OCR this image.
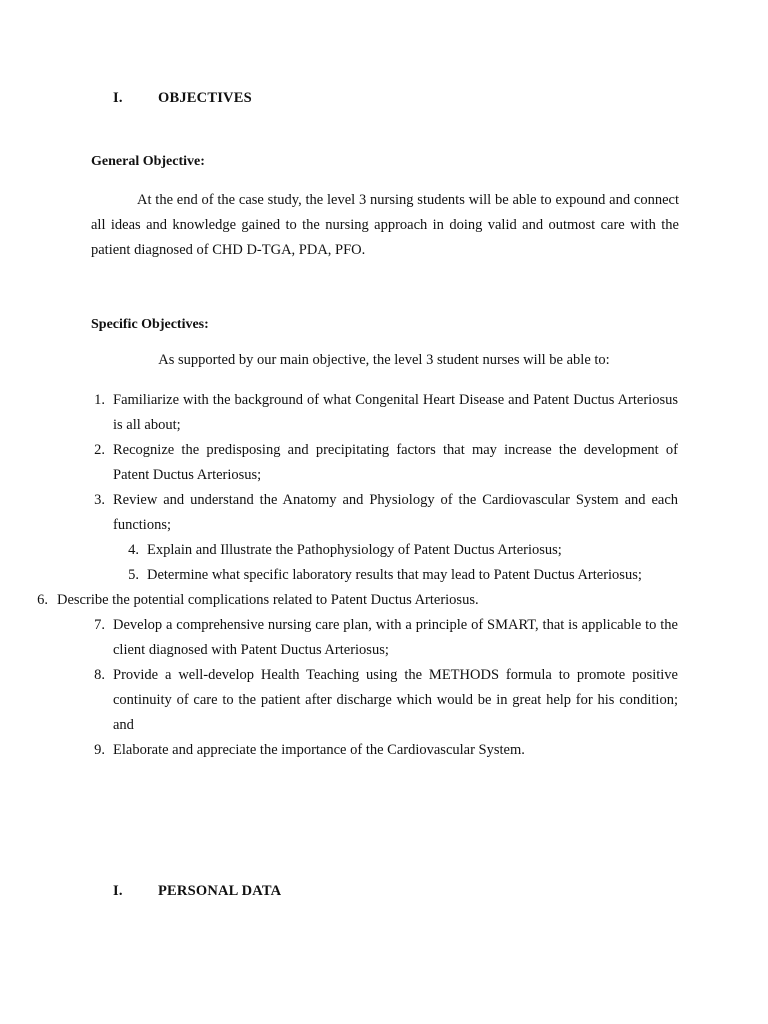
I. OBJECTIVES
General Objective:

At the end of the case study, the level 3 nursing students will be able to expound and connect all ideas and knowledge gained to the nursing approach in doing valid and outmost care with the patient diagnosed of CHD D-TGA, PDA, PFO.

Specific Objectives:
As supported by our main objective, the level 3 student nurses will be able to:
1. Familiarize with the background of what Congenital Heart Disease and Patent Ductus Arteriosus is all about;
2. Recognize the predisposing and precipitating factors that may increase the development of Patent Ductus Arteriosus;
3. Review and understand the Anatomy and Physiology of the Cardiovascular System and each functions;
4. Explain and Illustrate the Pathophysiology of Patent Ductus Arteriosus;
5. Determine what specific laboratory results that may lead to Patent Ductus Arteriosus;
6. Describe the potential complications related to Patent Ductus Arteriosus.
7. Develop a comprehensive nursing care plan, with a principle of SMART, that is applicable to the client diagnosed with Patent Ductus Arteriosus;
8. Provide a well-develop Health Teaching using the METHODS formula to promote positive continuity of care to the patient after discharge which would be in great help for his condition; and
9. Elaborate and appreciate the importance of the Cardiovascular System.
I. PERSONAL DATA
